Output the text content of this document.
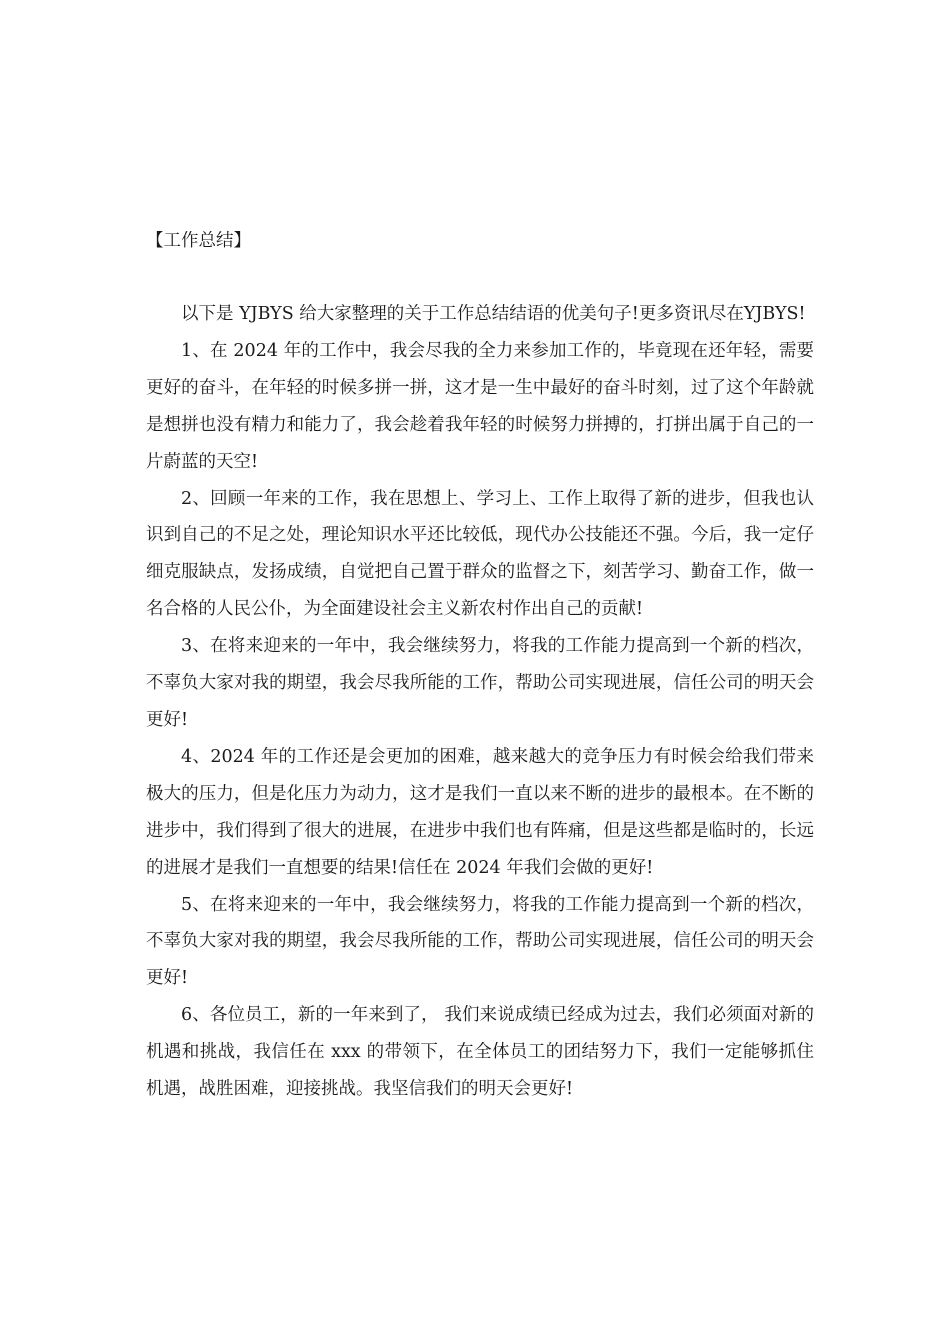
【工作总结】

以下是 YJBYS 给大家整理的关于工作总结结语的优美句子!更多资讯尽在YJBYS!

1、在 2024 年的工作中，我会尽我的全力来参加工作的，毕竟现在还年轻，需要更好的奋斗，在年轻的时候多拼一拼，这才是一生中最好的奋斗时刻，过了这个年龄就是想拼也没有精力和能力了，我会趁着我年轻的时候努力拼搏的，打拼出属于自己的一片蔚蓝的天空!

2、回顾一年来的工作，我在思想上、学习上、工作上取得了新的进步，但我也认识到自己的不足之处，理论知识水平还比较低，现代办公技能还不强。今后，我一定仔细克服缺点，发扬成绩，自觉把自己置于群众的监督之下，刻苦学习、勤奋工作，做一名合格的人民公仆，为全面建设社会主义新农村作出自己的贡献!

3、在将来迎来的一年中，我会继续努力，将我的工作能力提高到一个新的档次，不辜负大家对我的期望，我会尽我所能的工作，帮助公司实现进展，信任公司的明天会更好!

4、2024 年的工作还是会更加的困难，越来越大的竞争压力有时候会给我们带来极大的压力，但是化压力为动力，这才是我们一直以来不断的进步的最根本。在不断的进步中，我们得到了很大的进展，在进步中我们也有阵痛，但是这些都是临时的，长远的进展才是我们一直想要的结果!信任在 2024 年我们会做的更好!

5、在将来迎来的一年中，我会继续努力，将我的工作能力提高到一个新的档次，不辜负大家对我的期望，我会尽我所能的工作，帮助公司实现进展，信任公司的明天会更好!

6、各位员工，新的一年来到了， 我们来说成绩已经成为过去，我们必须面对新的机遇和挑战，我信任在 xxx 的带领下，在全体员工的团结努力下，我们一定能够抓住机遇，战胜困难，迎接挑战。我坚信我们的明天会更好!
